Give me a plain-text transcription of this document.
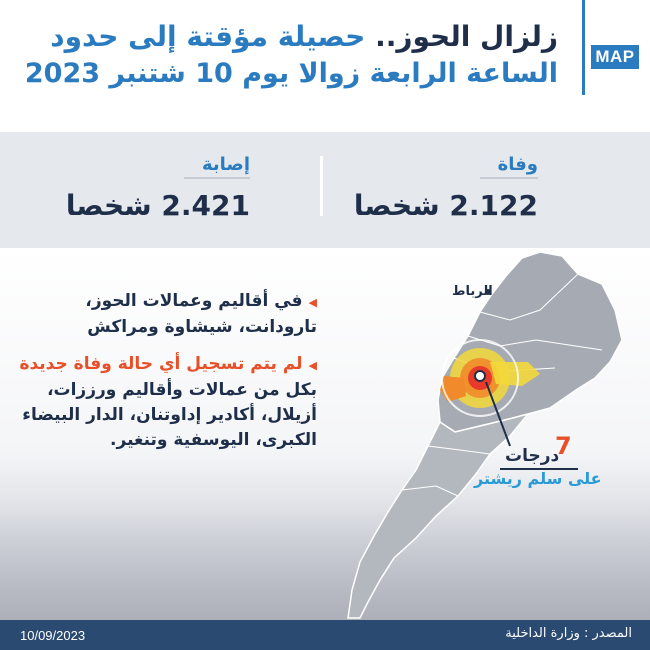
زلزال الحوز.. حصيلة مؤقتة إلى حدود
الساعة الرابعة زوالا يوم 10 شتنبر 2023
MAP
وفاة
2.122 شخصا
إصابة
2.421 شخصا
◀في أقاليم وعمالات الحوز، تارودانت، شيشاوة ومراكش
◀لم يتم تسجيل أي حالة وفاة جديدة بكل من عمالات وأقاليم ورززات، أزيلال، أكادير إداوتنان، الدار البيضاء الكبرى، اليوسفية وتنغير.
الرباط
7
درجات
على سلم ريشتر
10/09/2023	المصدر : وزارة الداخلية
